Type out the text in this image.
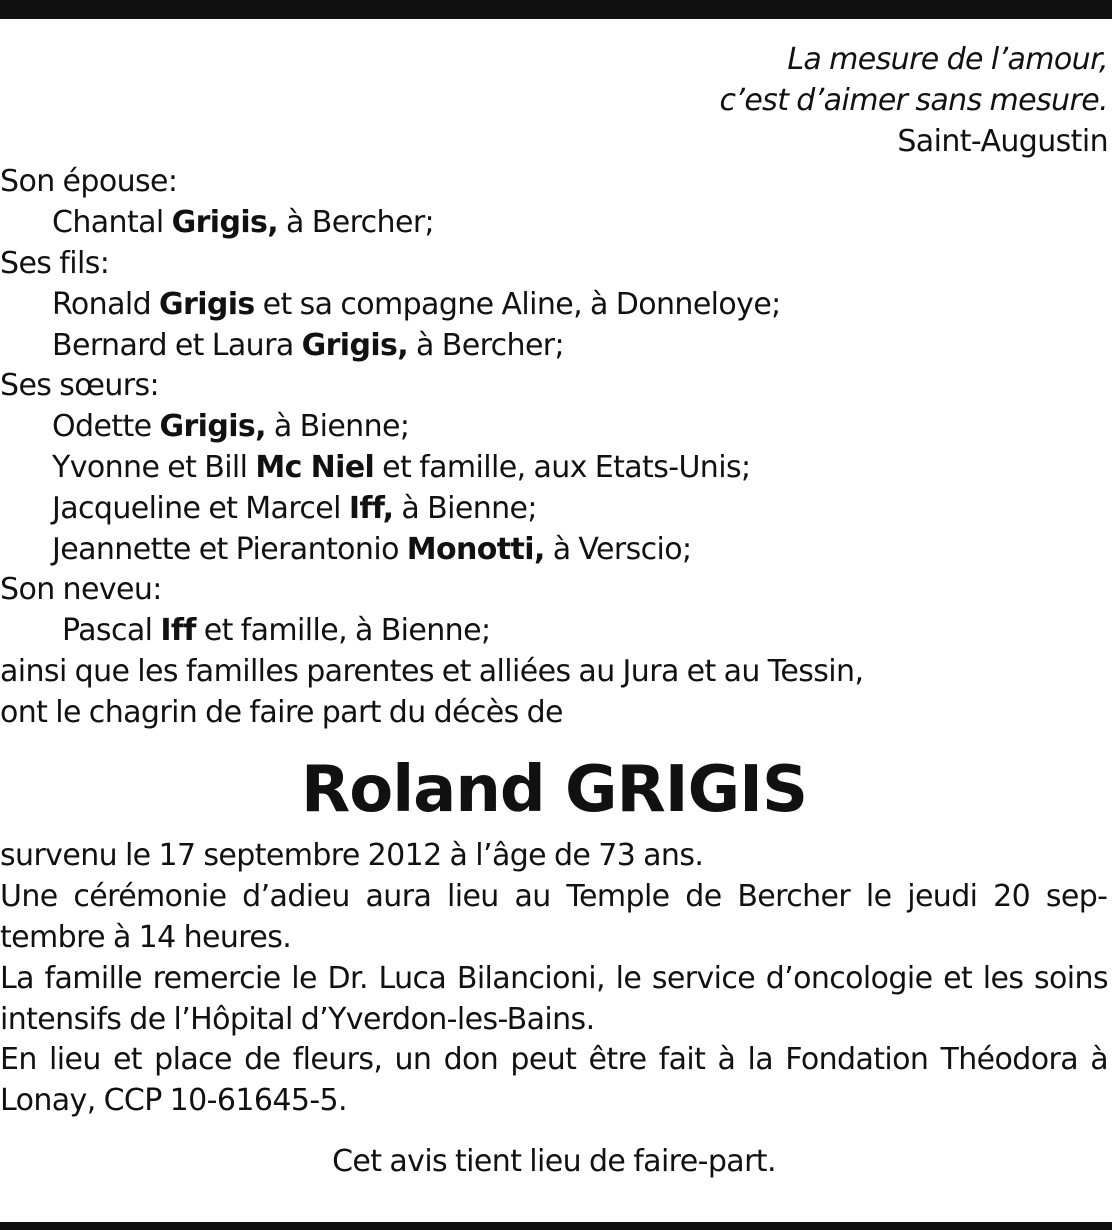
La mesure de l’amour,
c’est d’aimer sans mesure.
Saint-Augustin
Son épouse:
Chantal Grigis, à Bercher;
Ses fils:
Ronald Grigis et sa compagne Aline, à Donneloye;
Bernard et Laura Grigis, à Bercher;
Ses sœurs:
Odette Grigis, à Bienne;
Yvonne et Bill Mc Niel et famille, aux Etats-Unis;
Jacqueline et Marcel Iff, à Bienne;
Jeannette et Pierantonio Monotti, à Verscio;
Son neveu:
Pascal Iff et famille, à Bienne;
ainsi que les familles parentes et alliées au Jura et au Tessin,
ont le chagrin de faire part du décès de
Roland GRIGIS
survenu le 17 septembre 2012 à l’âge de 73 ans.
Une cérémonie d’adieu aura lieu au Temple de Bercher le jeudi 20 septembre à 14 heures.
La famille remercie le Dr. Luca Bilancioni, le service d’oncologie et les soins intensifs de l’Hôpital d’Yverdon-les-Bains.
En lieu et place de fleurs, un don peut être fait à la Fondation Théodora à Lonay, CCP 10-61645-5.
Cet avis tient lieu de faire-part.
